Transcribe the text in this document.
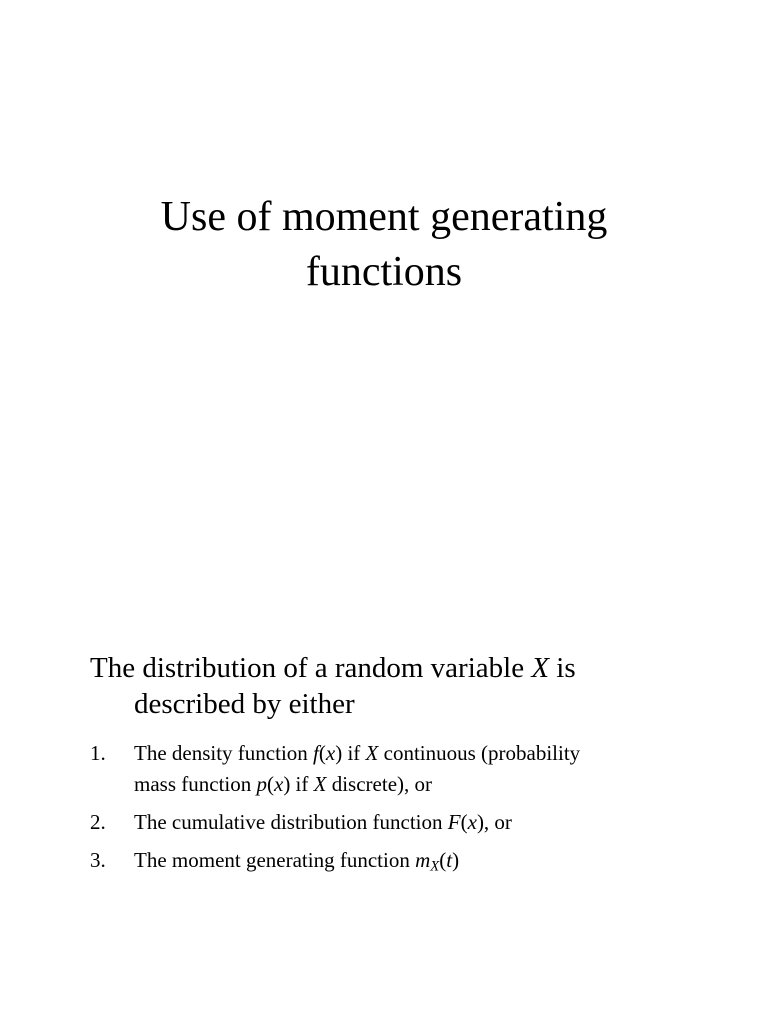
Use of moment generating
functions
The distribution of a random variable X is
described by either
1. The density function f(x) if X continuous (probability
mass function p(x) if X discrete), or
2. The cumulative distribution function F(x), or
3. The moment generating function $m_X(t)$
